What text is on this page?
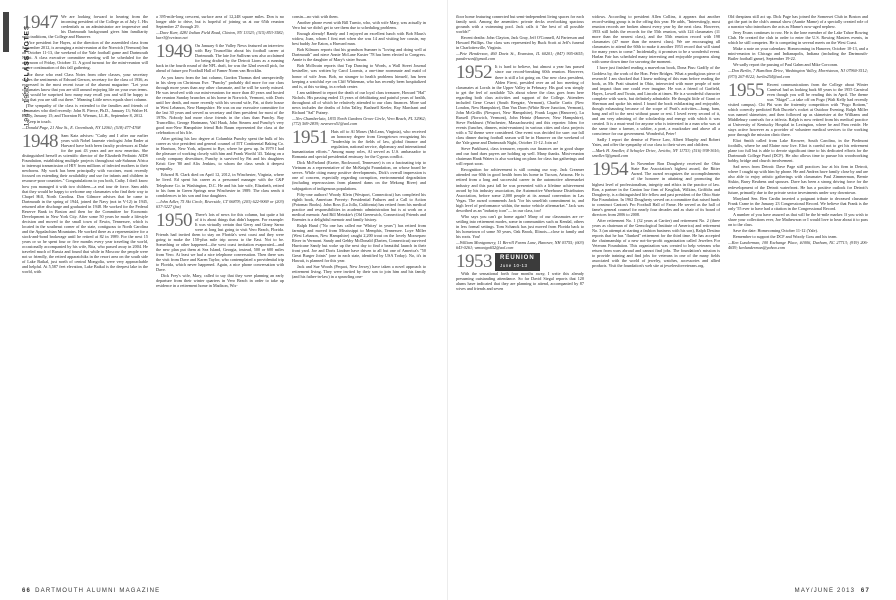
1947–1955 CLASS NOTES
1947 We are looking forward to hearing from the incoming president of the College as of July 1. His credentials as an administrator are impressive and his Dartmouth background gives him familiarity with traditions, the College and Hanover.

Vice president Joe Hayes, at the direction of the assembled class from September 2012, is arranging a mini-reunion at the Norwich (Vermont) Inn on October 11-13, the weekend of the Yale football game and Dartmouth Night. A class executive committee meeting will be scheduled for the afternoon of Friday, October 11. A good turnout for the mini-reunion will assure continuation of this fall gathering.

For those who read Class Notes from other classes, your secretary shares the sentiments of Edward Gerson, secretary for the class of 1936, as expressed in the most recent issue of the alumni magazine: "Let your classmates know that you are still around enjoying life on your own terms. You would be surprised how many may recall you and will be happy to hear that you are still out there." Meaning Little news equals short column.

The sympathy of the class is extended to the families and friends of classmates who died recently: John R. Pierce, Ph.D., January 13; Walter H. Reilly, January 15; and Thornton B. Wierum, LL.B., September 8, 2012.

Keep in touch.

—Donald Page, 21 Aloe St., E. Greenbush, NY 12061; (518) 477-4768

1948 Sam Katz advises: "Cathy and I after our earlier years with Nobel laureate virologist John Ender at Harvard have both been faculty professors at Duke for the past 43 years and are now emeritus. She distinguished herself as scientific director of the Elizabeth Pediatric AIDS Foundation, establishing multiple projects throughout sub-Saharan Africa to interrupt transmission of HIV from millions of infected mothers to their newborns. My work has been principally with vaccines, most recently focused on extending their availability and use for infants and children in resource-poor countries." Congratulations to you both, Cathy. I don't know how you managed it with two children—a real tour de force. Sam adds that they would be happy to welcome any classmates who find their way to Chapel Hill, North Carolina. Don Gilmore advises that he came to Dartmouth in the spring of 1944, joined the Navy (not in V-12) in 1945, returned after discharge and graduated in 1948. He worked for the Federal Reserve Bank in Boston and then for the Committee for Economic Development in New York City. After some 50 years he made a lifestyle decision and moved to the small town of Erwin, Tennessee, which is located in the southeast corner of the state, contiguous to North Carolina and the Appalachian Mountains. He worked there as a representative for a stock-and-bond brokerage until he retired at 82 in 1989. For the next 15 years or so he spent four or five months every year traveling the world, occasionally accompanied by his wife, Rita, who passed away in 2004. He traveled much of Russia and found that while in Moscow the people were not so friendly, the retired apparatchiks in the resort area on the south side of Lake Baikal, just north of central Mongolia, were very approachable and helpful. At 5,587 feet elevation, Lake Baikal is the deepest lake in the world, with

a 395-mile-long crescent, surface area of 12,248 square miles. Don is no longer able to drive, but is hopeful of joining us at our 65th reunion September 27 through 29.

—Dave Kurr, 4281 Indian Field Road, Clinton, NY 13323; (315) 853-3582; kurr3@verizon.net

1949 On January 6 the Valley News featured an interview with Ray Truncellito about his football career at Dartmouth. The late Joe Sullivan was also acclaimed for being drafted by the Detroit Lions as a running back in the fourth round of the NFL draft, for was the 32nd overall pick, far ahead of future pro Football Hall of Famer Norm van Brocklin.

As you know from the last column, Gordon Thomas died unexpectedly in his sleep on Christmas Eve. "Punchy" probably did more for our class through more years than any other classmate, and he will be sorely missed. He was involved with our mini-reunions for more than 40 years and hosted the reunion Sunday brunches at his home in Norwich, Vermont, with Doris until her death, and more recently with his second wife, Pat, at their house in West Lebanon, New Hampshire. He was on our executive committee for the last 30 years and served as secretary and then president for most of the 1970s. Nobody had more close friends in the class than Punchy. Ray Truncellito, George Hartmann, Vail Haak, John Stearns and Punchy's very good non-New Hampshire friend Bob Baum represented the class at the celebration of his life.

After getting his law degree at Columbia Punchy spent the bulk of his career as vice president and general counsel of ITT Continental Baking Co. in Harrison, New York, adjacent to Rye, where he grew up. In 1979 I had the pleasure of working closely with him and Frank Worthl '43. Taking on a costly company divestiture, Punchy is survived by Pat and his daughters Kristi Gee '80 and Alix Jenkins, to whom the class sends it deepest sympathy.

Edward R. Clark died on April 12, 2012, in Winchester, Virginia, where he lived. Ed spent his career as a personnel manager with the C&P Telephone Co. in Washington, D.C. He and his late wife, Elizabeth, retired to his farm in Green Springs near Winchester in 1989. The class sends it condolences to his son and four daughters.

—John Adler, 75 Ski Circle, Riverside, CT 06878; (203) 622-9069 or (203) 637-3227 (fax)

1950 There's lots of news for this column, but quite a bit of it is about things that didn't happen. For example: It was virtually certain that Gerry and Ginny Sarno were at long last going to visit Vero Beach, Florida. Friends had invited them to stay on Florida's west coast and they were going to make the 150-plus mile trip across to the East. Not to be. Something or other happened—the west coast invitation evaporated—and the new plan put them at Sea Island, Georgia, instead, 500 or 600 miles from Vero. At least we had a nice telephone conversation. Then there was the visit from Dave and Karen Taylor, who contemplated a providential trip to Florida, which never happened. Again, a nice phone conversation with Dave.

Dick Frey's wife, Mary, called to say that they were planning an early departure from their winter quarters in Vero Beach in order to take up residence in a retirement home in Madison, Wis-

consin—no visit with them.

Another phone event with Bill Turnio, who, with wife Mary, was actually in Vero but we didn't get to see them due to scheduling problems.

Enough already! Randy and I enjoyed an excellent lunch with Bob Maus's widow, Joan, whom I first met when she was 14 and visiting her cousin, my best buddy Joe Eaton, a Harvard man.

Bob Kilmarx reports that his grandson Sumner is "loving and doing well at Dartmouth" and niece Annie McLane Kuster '78 has been elected to Congress. Annie is the daughter of Mary's sister Susan.

Bob McIlwain reports that Top Dancing to Words, a Wall Street Journal bestseller, was written by Carol Loomis, a one-time roommate and maid of honor of wife Jean. Bob, no stranger to health problems himself, has been keeping a watchful eye on Cliff Whiteman, who has recently been hospitalized and is, at this writing, in a rehab center.

I am saddened to report the death of our loyal class treasurer, Howard "Hal" Nichols. His passing ended 13 years of debilitating and painful years of health, throughout all of which he relatively attended to our class finances. More sad news includes the deaths of John Talley, Bushnell Keeler, Ray Marchant and Richard "Sal" Putney.

—Nev Chamberlain, 1835 North Gardens Grove Circle, Vero Beach, FL 32962; (772) 569-2839; nevnvero51@aol.com

1951 Hats off to Al Moses (McLean, Virginia), who received an honorary degree from Georgetown recognizing his "leadership in the fields of law, global finance and regulation, national service, diplomacy and international humanitarian efforts." Among many roles, Al served as U.S. ambassador to Romania and special presidential emissary for the Cyprus conflict.

Dick McFarland (Exeter, Rockwood, Tennessee) is on a fascinating trip to Vietnam as a representative of the McKnight Foundation, on whose board he serves. While citing many positive developments, Dick's overall impression is one of concern, especially regarding corruption, environmental degradation (including repercussions from planned dams on the Mekong River) and subjugation of indigenous populations.

Fifty-one authors! Woody Klein (Westport, Connecticut) has completed his eighth book, American Poverty: Presidential Failures and a Call to Action (Potomac Books). John Ross (La Jolla, California) has retired from his medical practice and responsibilities in academic administration but is at work on a medical memoir. And Bill Meinkie's (Old Greenwich, Connecticut) Friends and Enemies is a delightful memoir and family history.

Ralph Hand ("No one has called me 'Whitey' in years") has retired from farming and moved from Mississippi to Memphis, Tennessee. Loye Miller (West Lebanon, New Hampshire) caught 2,200 trout on the lovely Moosepaw River in Vermont. Sandy and Gebby McDonald (Darien, Connecticut) survived Hurricane Sandy but woke up the next day to find a beautiful launch in their front yard. Joe and Doris Lindner have driven to all but one of America's "50 Great Burger Joints" (one in each state, identified by USA Today). No, it's in Hawaii, is planned for this year.

Jack and Sue Woods (Pequot, New Jersey) have taken a novel approach to retirement living. They were invited by their son to join him and his family (and his father-in-law) in a sprawling one-

66 DARTMOUTH ALUMNI MAGAZINE

floor home featuring connected but semi-independent living spaces for each family unit. Among the amenities: private decks overlooking spacious grounds with a swimming pool. Jack calls it "the best of all possible worlds!"

Recent deaths: John Clayton, Jack Gray, Jeff O'Connell, Al Parterson and Howard Phillips. Our class was represented by Buck Scott at Jeff's funeral in Charlottesville, Virginia.

—Pete Henderson, 460 Davis St., Evanston, IL 60201; (847) 905-0655; panderson@gmail.com

1952 It is hard to believe, but almost a year has passed since our record-breaking 60th reunion. However, there is still a lot going on. Our new class president, Alden Fierst, presided over an ad hoc meeting of classmates at Lorals in the Upper Valley in February. His goal was simply to get the feel of available '52s about where the class goes from here regarding both class activities and support of the College. Attendees included Gene Cesari (South Reegate, Vermont), Charlie Curtis (New London, New Hampshire), Dan Van Dorn (White River Junction, Vermont), John McGrillis (Newport, New Hampshire), Frank Logan (Hanover), Lu Russell (Norwich, Vermont), John Heintz (Hanover, New Hampshire), Steve Parkhurst (Winchester, Massachusetts) and this reporter. Ideas for events (lunches, dinners, mini-reunions) in various cities and class projects with a '52 theme were considered. One event was decided for sure: our fall class dinner during football season will be in Hanover on the weekend of the Yale game and Dartmouth Night, October 11-12. Join us!

Steve Parkhurst, class treasurer, reports our finances are in good shape and our fund dues payers are holding up well. Many thanks. Mini-reunion chairman Hank Waters is also working on plans for class fun gatherings and will report soon.

Recognition for achievement is still coming our way. Jack Creamer attended our 60th in good health from his home in Tucson, Arizona. He is retired from a long and successful career in the automotive aftermarket industry and this past fall he was presented with a lifetime achievement award by his industry association, the Automotive Warehouse Distributors Association, before some 2,000 people at its annual convention in Las Vegas. The award commends Jack "for his unselfish commitment to, and high level of performance within, the motor vehicle aftermarket." Jack was described as an "industry icon"— in our class, too!

Who says you can't go home again? Many of our classmates are re-settling into retirement modes, some in communities such as Kendal, others in less formal settings. Tom Schanck has just moved from Florida back to his hometown of some 50 years, Oak Brook, Illinois—close to family and his roots. You!

—William Montgomery, 11 Berrill Farms Lane, Hanover, NH 03755; (603) 643-0261; wmontgo652@aol.com

1953 REUNION
June 10-13

With the sensational forth four months away, I write this already presuming outstanding attendance. So far David Siegal reports that 120 alums have indicated that they are planning to attend, accompanied by 87 wives and friends and seven

widows. According to president Allen Collins, it appears that another record-setting group is in the offing this year. He adds, "Interestingly, most reunion records are broken almost every year by the next class. However, 1953 still holds the records for the 55th reunion, with 124 classmates (11 more than the nearest class), and the 55th reunion record with 198 classmates (47 more than the nearest class). We are encouraging all classmates to attend the 60th to make it another 1953 record that will stand for many years to come." Incidentally, it promises to be a wonderful event. Harlan Fair has scheduled many interesting and enjoyable programs along with some down time for savoring the moment.

I have just finished reading a marvelous book, Dona Pius: Gadfly of the Goddess by, the work of the Hon. Peter Bridges. What a prodigious piece of research! I am shocked that I knew nothing of this man before reading the book, as Mr. Pratt situated in Ohio, intersected with more people of note and impact than one could ever imagine. He was a friend of Garfield, Hayes, Lowell and Twain, and Lincoln at times. He is a wonderful character complete with warts, but definitely admirable. He thought little of Grant or Sherman and spoke his mind. I found the book exhilarating and enjoyable, though exhausting because of the scope of Pratt's activities—bang, bam, bang and off to the next without pause or rest. I loved every second of it, and am very admiring of the scholarship and energy with which it was created. It is a must-read for anyone who is interested in a man who was at the same time a farmer, a soldier, a poet, a muckraker and above all a conscience for our government. Wonderful, Peter!

Sadly I report the demise of Pierce Law, Albert Murphy and Robert Yates, and offer the sympathy of our class to their wives and children.

—Mark H. Smoller, 4 Schuyler Drive, Jericho, NY 11753; (516) 938-3616; smoller3@gmail.com

1954 In November Ron Dougherty received the Ohio State Bar Association's highest award, the Ritter Award. The award recognizes the accomplishments of the honoree in attaining and promoting the highest level of professionalism, integrity and ethics in the practice of law. Ron, a partner in the Canton law firm of Krugliak, Wilkins, Griffiths and Dougherty, is a distinguished life fellow and past president of the Ohio State Bar Foundation. In 1962 Dougherty served on a committee that raised funds to construct Canton's Pro Football Hall of Fame. He served as the hall of fame's general counsel for nearly four decades and as chair of its board of directors from 2006 to 2008.

After retirement No. 1 (32 years at Cartier) and retirement No. 2 (three years as chairman of the Gemological Institute of America) and retirement No. 3 (an attempt at starting a fashion business with his son), Ralph Destino reports that he has "flunked" retirement for the third time. He has accepted the chairmanship of a new not-for-profit organization called Jewelers For Veterans Foundation. This organization was created to help veterans who return from wars abroad and cannot find jobs. The foundation's mission is to provide training and find jobs for veterans in one of the many fields associated with the world of jewelry, watches, accessories and allied products. Visit the foundation's web site at jewelersforveterans.org.

Old thespians still act up. Dick Page has joined the Somerset Club in Boston and got the part in the club's annual show (Auntie Mame) of a specially created role of a narrator who introduces the acts as Mame's now-aged nephew.

Jerry Evans continues to row. He is the lone member of the Lake Tahoe Rowing Club. He created the club in order to enter the U.S. Rowing Masters events, in which he still competes. He is competing in several meets on the West Coast.

Make a note on your calendars: Homecoming in Hanover, October 10-13, and a mini-reunion in Chicago and Indianapolis, Indiana (including the Dartmouth-Butler football game), September 19-22.

We sadly report the passing of Paul Gahm and Mike Corcoran.

—Don Berlin, 7 Hamilton Drive, Washington Valley, Morristown, NJ 07960-3512; (973) 267-8122; berlin254@aol.com

1955 Recent communications from the College about Winter Carnival had us looking back 60 years to the 1955 Carnival even though you will be reading this in April. The theme was "Skigel"—a take off on Pogo (Walt Kelly had recently visited campus). Chi Phi won the fraternity competition with "Pogo Bottom," which correctly predicted Bob Ducette's rocket at Outdoor Evening. Ralph Miller was named skimeister, and then followed up as skimeister at the Williams and Middlebury carnivals for a trifecta. Ralph is now retired from his medical practice at University of Kentucky Hospital in Lexington, where he and Pam reside. He stays active however as a provider of volunteer medical services to the working poor through the mission clinic there.

Eliot Smith called from Lake Keowee, South Carolina, in the Piedmont foothills, where he and Elaine now live. Eliot is careful not to get his retirement plane too full but is able to devote significant time to his dedicated efforts for the Dartmouth College Fund (DCF). He also allows time to pursue his woodworking hobby, bridge and church involvement.

Sad news from Detroit: Dave Page still practices law at his firm in Detroit, where I caught up with him by phone. He and Andrea have family close by and are also able to enjoy artistic gatherings with classmates Paul Zimmerman, Bernie Siskin, Barry Reubens and spouses. Dave has been a strong driving force for the redevelopment of the Detroit waterfront. He has a positive outlook for Detroit's future, primarily due to the private sector investments under way downtown.

Maryland Sen. Ben Cardin inserted a poignant tribute to deceased classmate Frank Crane in the January 23 Congressional Record. We believe that Frank is the only '55 ever to have had a citation in the Congressional Record.

A number of you have assured us that will be the bi-mile marker. If you wish to share your collections ever, Joe Mathewson or I would love to hear about it to pass on to the class.

Save the date: Homecoming October 11-12 (Yale).

Remember to support the DCF and Woody Goss and his team.

—Ken Lunderman, 100 Exchange Place, #1006, Durham, NC 27713; (919) 206-4659; kenlunderman@yahoo.com

MAY/JUNE 2013 67
